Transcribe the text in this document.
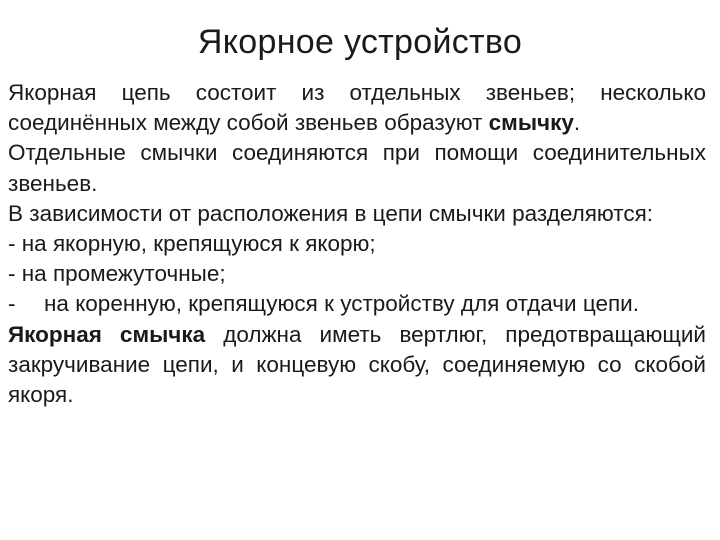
Якорное устройство

Якорная цепь состоит из отдельных звеньев; несколько соединённых между собой звеньев образуют смычку.

Отдельные смычки соединяются при помощи соединительных звеньев.

В зависимости от расположения в цепи смычки разделяются:

- на якорную, крепящуюся к якорю;
- на промежуточные;
-	на коренную, крепящуюся к устройству для отдачи цепи.

Якорная смычка должна иметь вертлюг, предотвращающий закручивание цепи, и концевую скобу, соединяемую со скобой якоря.
